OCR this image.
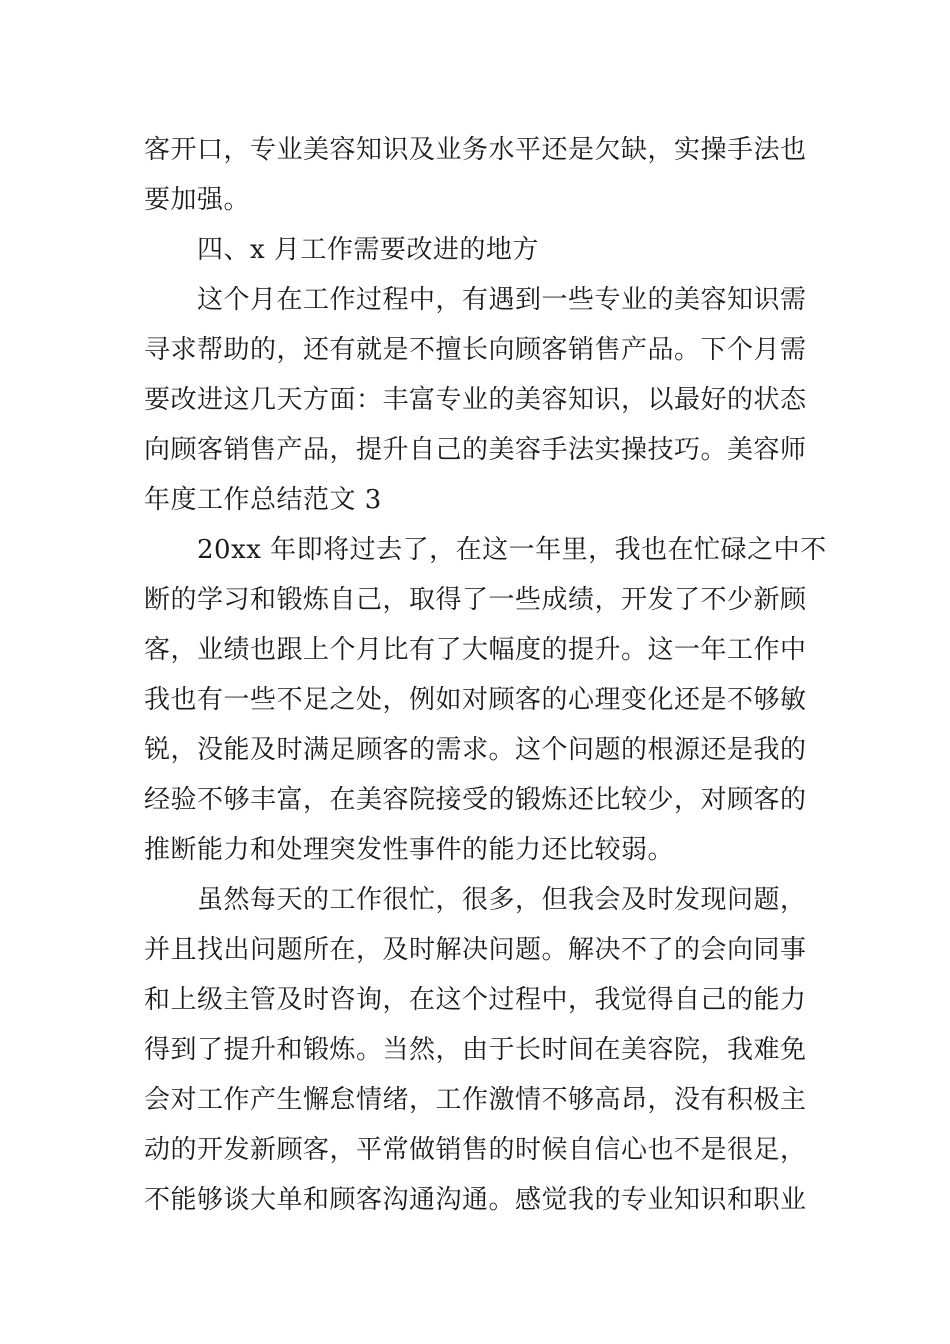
客开口，专业美容知识及业务水平还是欠缺，实操手法也

要加强。

　　四、x 月工作需要改进的地方

　　这个月在工作过程中，有遇到一些专业的美容知识需

寻求帮助的，还有就是不擅长向顾客销售产品。下个月需

要改进这几天方面：丰富专业的美容知识，以最好的状态

向顾客销售产品，提升自己的美容手法实操技巧。美容师

年度工作总结范文 3

　　20xx 年即将过去了，在这一年里，我也在忙碌之中不

断的学习和锻炼自己，取得了一些成绩，开发了不少新顾

客，业绩也跟上个月比有了大幅度的提升。这一年工作中

我也有一些不足之处，例如对顾客的心理变化还是不够敏

锐，没能及时满足顾客的需求。这个问题的根源还是我的

经验不够丰富，在美容院接受的锻炼还比较少，对顾客的

推断能力和处理突发性事件的能力还比较弱。

　　虽然每天的工作很忙，很多，但我会及时发现问题，

并且找出问题所在，及时解决问题。解决不了的会向同事

和上级主管及时咨询，在这个过程中，我觉得自己的能力

得到了提升和锻炼。当然，由于长时间在美容院，我难免

会对工作产生懈怠情绪，工作激情不够高昂，没有积极主

动的开发新顾客，平常做销售的时候自信心也不是很足，

不能够谈大单和顾客沟通沟通。感觉我的专业知识和职业
